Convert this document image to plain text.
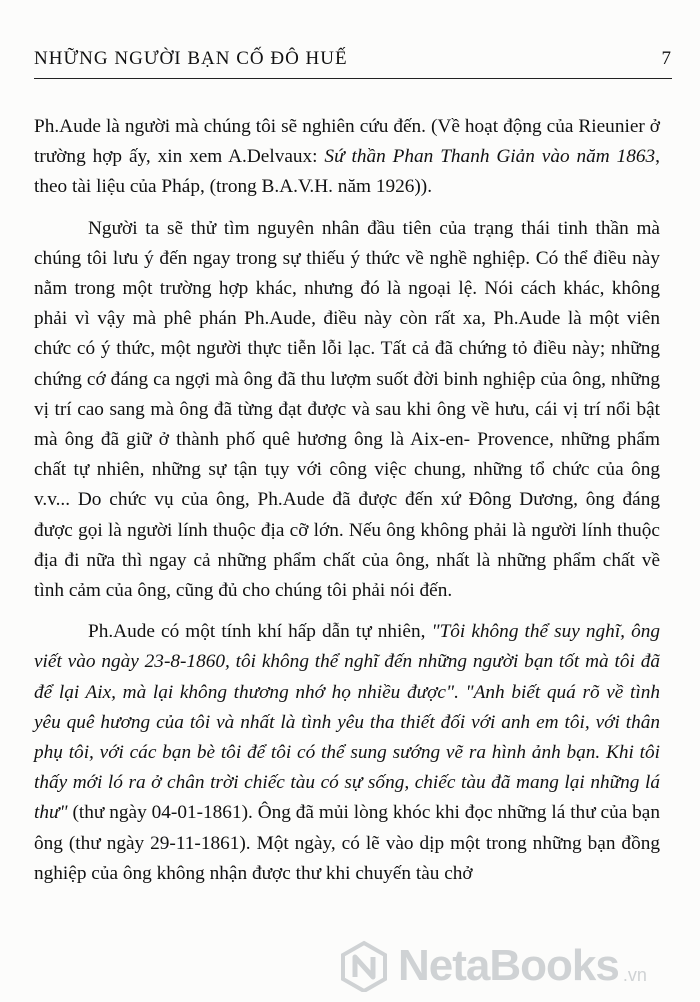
NHỮNG NGƯỜI BẠN CỐ ĐÔ HUẾ	7

Ph.Aude là người mà chúng tôi sẽ nghiên cứu đến. (Về hoạt động của Rieunier ở trường hợp ấy, xin xem A.Delvaux: Sứ thần Phan Thanh Giản vào năm 1863, theo tài liệu của Pháp, (trong B.A.V.H. năm 1926)).

Người ta sẽ thử tìm nguyên nhân đầu tiên của trạng thái tinh thần mà chúng tôi lưu ý đến ngay trong sự thiếu ý thức về nghề nghiệp. Có thể điều này nằm trong một trường hợp khác, nhưng đó là ngoại lệ. Nói cách khác, không phải vì vậy mà phê phán Ph.Aude, điều này còn rất xa, Ph.Aude là một viên chức có ý thức, một người thực tiễn lỗi lạc. Tất cả đã chứng tỏ điều này; những chứng cớ đáng ca ngợi mà ông đã thu lượm suốt đời binh nghiệp của ông, những vị trí cao sang mà ông đã từng đạt được và sau khi ông về hưu, cái vị trí nổi bật mà ông đã giữ ở thành phố quê hương ông là Aix-en- Provence, những phẩm chất tự nhiên, những sự tận tụy với công việc chung, những tổ chức của ông v.v... Do chức vụ của ông, Ph.Aude đã được đến xứ Đông Dương, ông đáng được gọi là người lính thuộc địa cỡ lớn. Nếu ông không phải là người lính thuộc địa đi nữa thì ngay cả những phẩm chất của ông, nhất là những phẩm chất về tình cảm của ông, cũng đủ cho chúng tôi phải nói đến.

Ph.Aude có một tính khí hấp dẫn tự nhiên, "Tôi không thể suy nghĩ, ông viết vào ngày 23-8-1860, tôi không thể nghĩ đến những người bạn tốt mà tôi đã để lại Aix, mà lại không thương nhớ họ nhiều được". "Anh biết quá rõ về tình yêu quê hương của tôi và nhất là tình yêu tha thiết đối với anh em tôi, với thân phụ tôi, với các bạn bè tôi để tôi có thể sung sướng vẽ ra hình ảnh bạn. Khi tôi thấy mới ló ra ở chân trời chiếc tàu có sự sống, chiếc tàu đã mang lại những lá thư" (thư ngày 04-01-1861). Ông đã mủi lòng khóc khi đọc những lá thư của bạn ông (thư ngày 29-11-1861). Một ngày, có lẽ vào dịp một trong những bạn đồng nghiệp của ông không nhận được thư khi chuyến tàu chở

NetaBooks .vn
